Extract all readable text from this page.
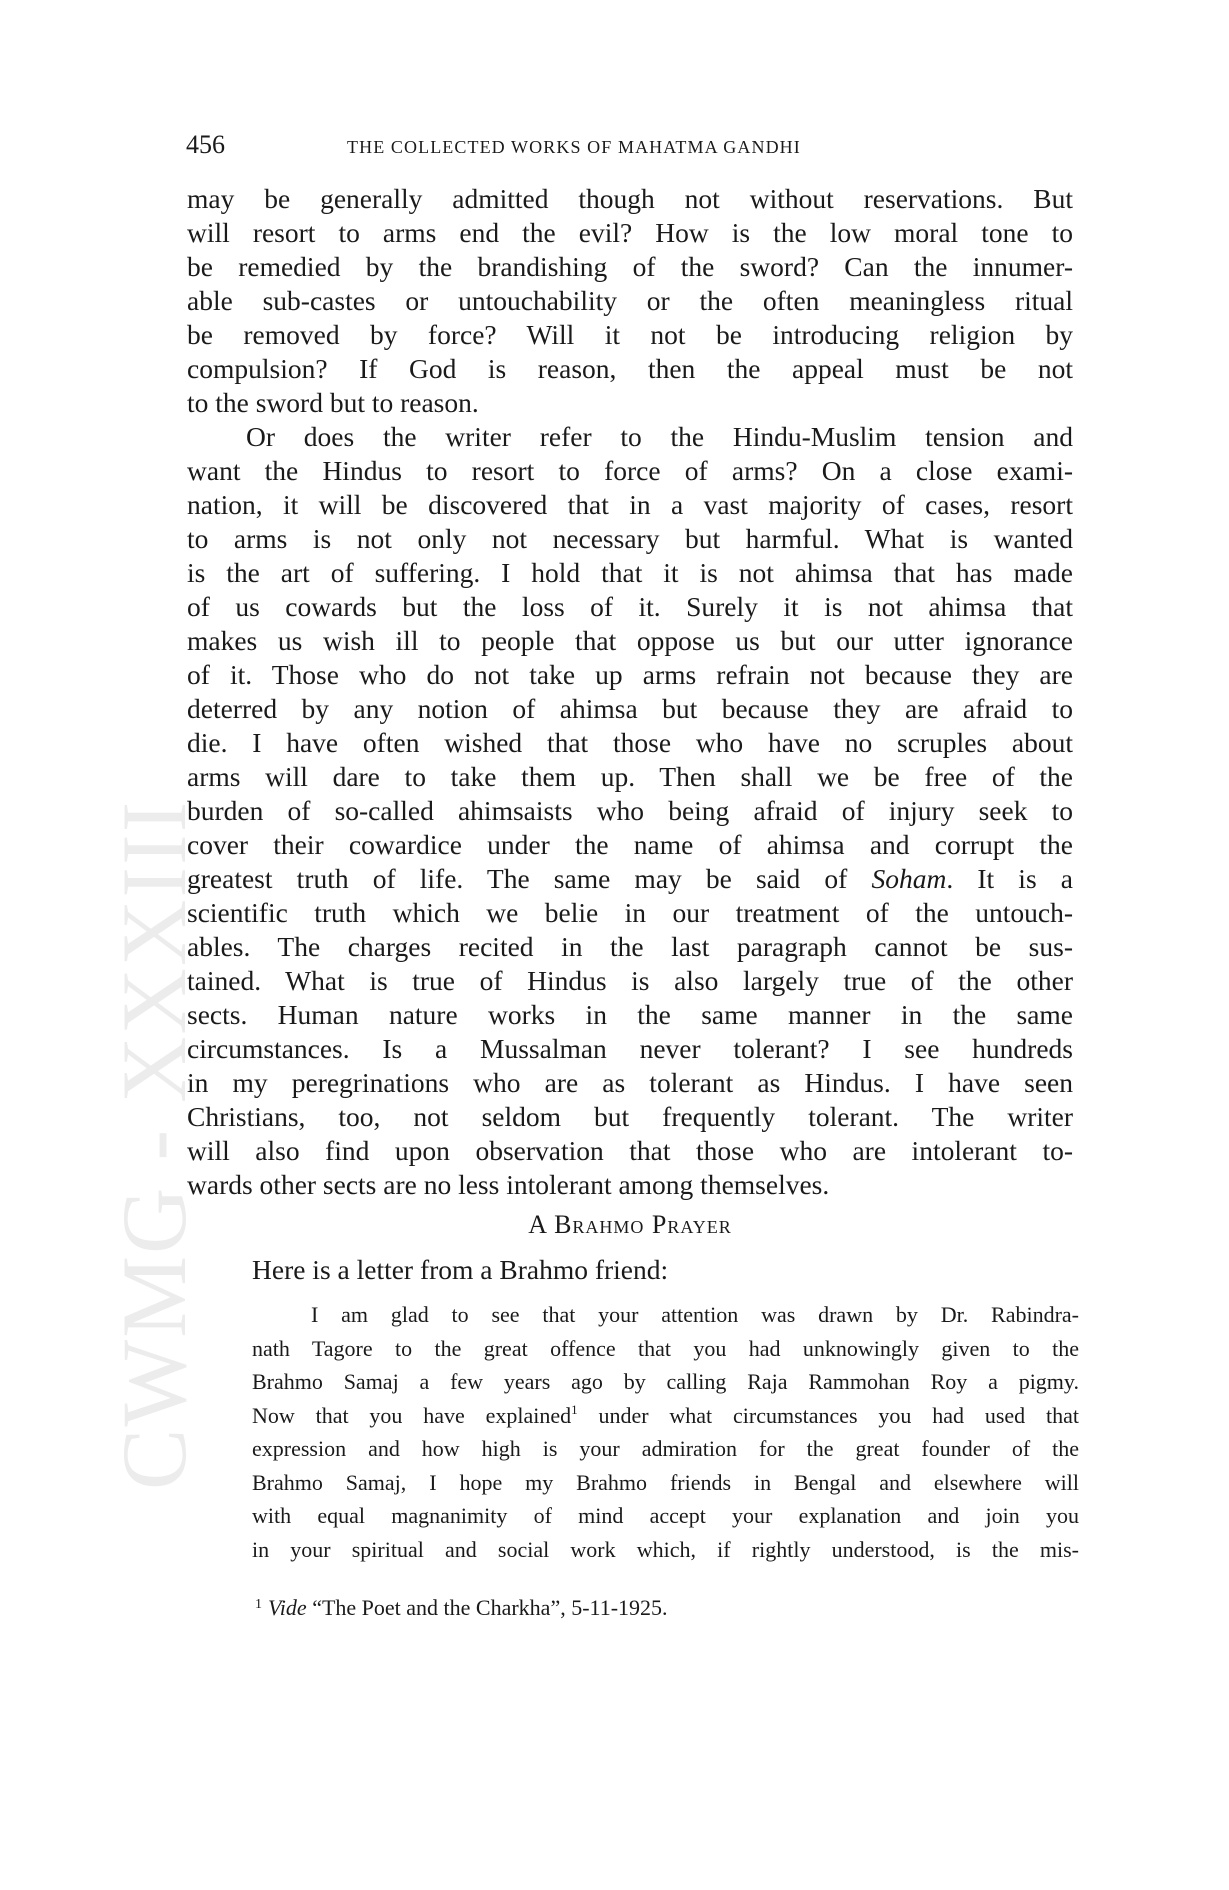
CWMG - XXXIII
456	THE COLLECTED WORKS OF MAHATMA GANDHI
may be generally admitted though not without reservations. But
will resort to arms end the evil? How is the low moral tone to
be remedied by the brandishing of the sword? Can the innumer-
able sub-castes or untouchability or the often meaningless ritual
be removed by force? Will it not be introducing religion by
compulsion? If God is reason, then the appeal must be not
to the sword but to reason.
Or does the writer refer to the Hindu-Muslim tension and
want the Hindus to resort to force of arms? On a close exami-
nation, it will be discovered that in a vast majority of cases, resort
to arms is not only not necessary but harmful. What is wanted
is the art of suffering. I hold that it is not ahimsa that has made
of us cowards but the loss of it. Surely it is not ahimsa that
makes us wish ill to people that oppose us but our utter ignorance
of it. Those who do not take up arms refrain not because they are
deterred by any notion of ahimsa but because they are afraid to
die. I have often wished that those who have no scruples about
arms will dare to take them up. Then shall we be free of the
burden of so-called ahimsaists who being afraid of injury seek to
cover their cowardice under the name of ahimsa and corrupt the
greatest truth of life. The same may be said of Soham. It is a
scientific truth which we belie in our treatment of the untouch-
ables. The charges recited in the last paragraph cannot be sus-
tained. What is true of Hindus is also largely true of the other
sects. Human nature works in the same manner in the same
circumstances. Is a Mussalman never tolerant? I see hundreds
in my peregrinations who are as tolerant as Hindus. I have seen
Christians, too, not seldom but frequently tolerant. The writer
will also find upon observation that those who are intolerant to-
wards other sects are no less intolerant among themselves.
A Brahmo Prayer
Here is a letter from a Brahmo friend:
I am glad to see that your attention was drawn by Dr. Rabindra-
nath Tagore to the great offence that you had unknowingly given to the
Brahmo Samaj a few years ago by calling Raja Rammohan Roy a pigmy.
Now that you have explained$^1$ under what circumstances you had used that
expression and how high is your admiration for the great founder of the
Brahmo Samaj, I hope my Brahmo friends in Bengal and elsewhere will
with equal magnanimity of mind accept your explanation and join you
in your spiritual and social work which, if rightly understood, is the mis-
$^1$ Vide “The Poet and the Charkha”, 5-11-1925.
